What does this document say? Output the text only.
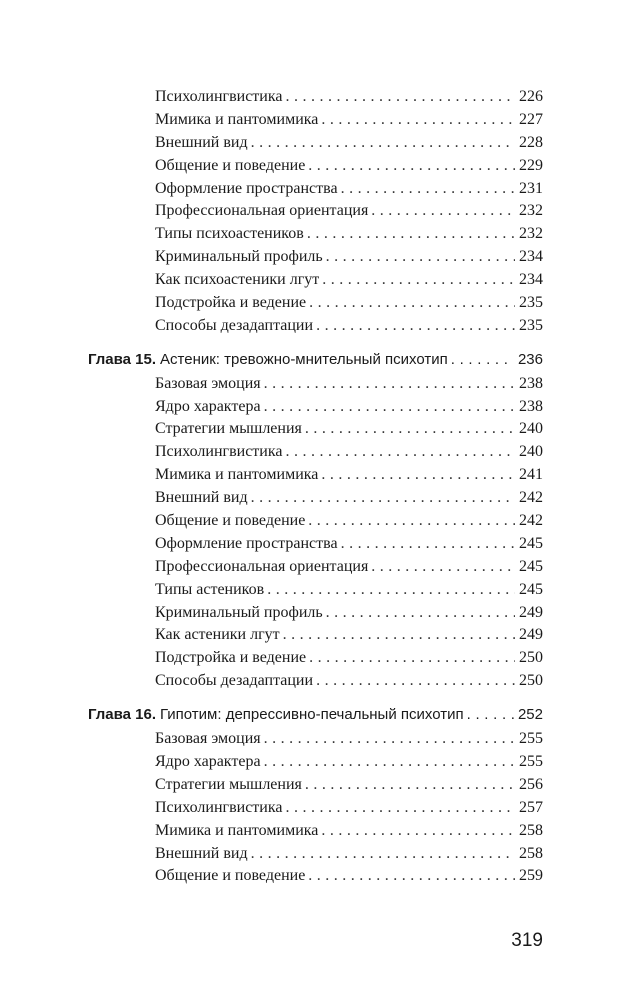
Психолингвистика . . .	226
Мимика и пантомимика . . .	227
Внешний вид . . .	228
Общение и поведение . . .	229
Оформление пространства . . .	231
Профессиональная ориентация . . .	232
Типы психоастеников . . .	232
Криминальный профиль . . .	234
Как психоастеники лгут . . .	234
Подстройка и ведение . . .	235
Способы дезадаптации . . .	235
Глава 15. Астеник: тревожно-мнительный психотип . . .	236
Базовая эмоция . . .	238
Ядро характера . . .	238
Стратегии мышления . . .	240
Психолингвистика . . .	240
Мимика и пантомимика . . .	241
Внешний вид . . .	242
Общение и поведение . . .	242
Оформление пространства . . .	245
Профессиональная ориентация . . .	245
Типы астеников . . .	245
Криминальный профиль . . .	249
Как астеники лгут . . .	249
Подстройка и ведение . . .	250
Способы дезадаптации . . .	250
Глава 16. Гипотим: депрессивно-печальный психотип . . .	252
Базовая эмоция . . .	255
Ядро характера . . .	255
Стратегии мышления . . .	256
Психолингвистика . . .	257
Мимика и пантомимика . . .	258
Внешний вид . . .	258
Общение и поведение . . .	259
319
